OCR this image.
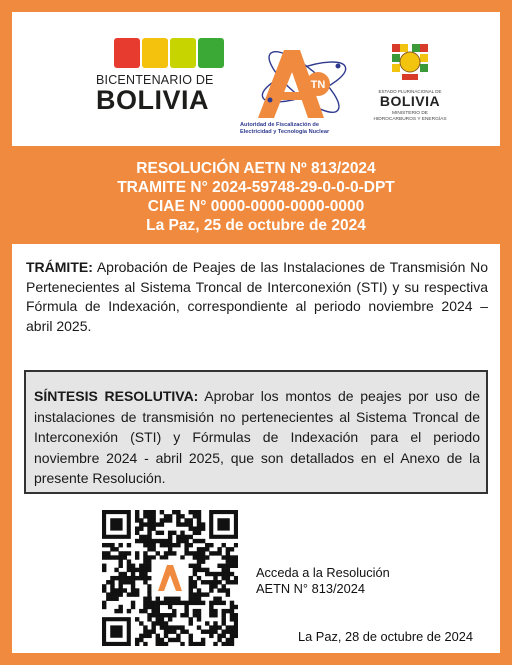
BICENTENARIO DE
BOLIVIA	TN
Autoridad de Fiscalización de
Electricidad y Tecnología Nuclear
ESTADO PLURINACIONAL DE
BOLIVIA
MINISTERIO DE
HIDROCARBUROS Y ENERGÍAS
RESOLUCIÓN AETN Nº 813/2024
TRAMITE N° 2024-59748-29-0-0-0-DPT
CIAE N° 0000-0000-0000-0000
La Paz, 25 de octubre de 2024
TRÁMITE: Aprobación de Peajes de las Instalaciones de Transmisión No Pertenecientes al Sistema Troncal de Interconexión (STI) y su respectiva Fórmula de Indexación, correspondiente al periodo noviembre 2024 – abril 2025.
SÍNTESIS RESOLUTIVA: Aprobar los montos de peajes por uso de instalaciones de transmisión no pertenecientes al Sistema Troncal de Interconexión (STI) y Fórmulas de Indexación para el periodo noviembre 2024 - abril 2025, que son detallados en el Anexo de la presente Resolución.
Acceda a la Resolución
AETN N° 813/2024
La Paz, 28 de octubre de 2024
